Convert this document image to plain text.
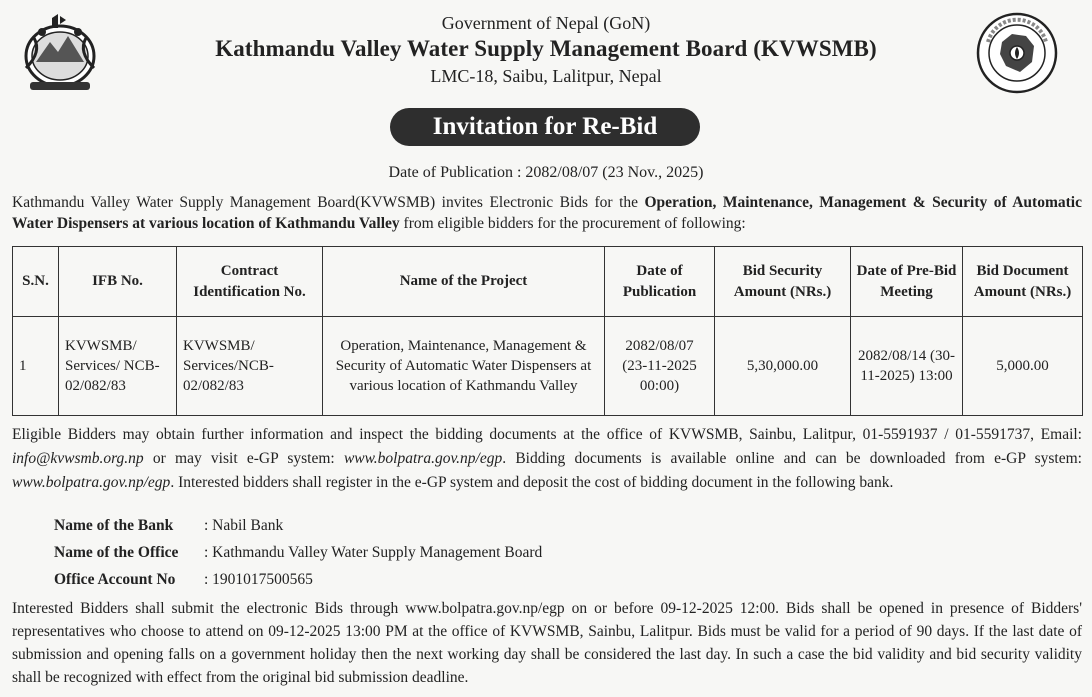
Government of Nepal (GoN)
Kathmandu Valley Water Supply Management Board (KVWSMB)
LMC-18, Saibu, Lalitpur, Nepal
Invitation for Re-Bid
Date of Publication : 2082/08/07 (23 Nov., 2025)
Kathmandu Valley Water Supply Management Board(KVWSMB) invites Electronic Bids for the Operation, Maintenance, Management & Security of Automatic Water Dispensers at various location of Kathmandu Valley from eligible bidders for the procurement of following:
S.N.	IFB No.	Contract Identification No.	Name of the Project	Date of Publication	Bid Security Amount (NRs.)	Date of Pre-Bid Meeting	Bid Document Amount (NRs.)
1	KVWSMB/ Services/ NCB- 02/082/83	KVWSMB/ Services/NCB- 02/082/83	Operation, Maintenance, Management & Security of Automatic Water Dispensers at various location of Kathmandu Valley	2082/08/07 (23-11-2025 00:00)	5,30,000.00	2082/08/14 (30-11-2025) 13:00	5,000.00
Eligible Bidders may obtain further information and inspect the bidding documents at the office of KVWSMB, Sainbu, Lalitpur, 01-5591937 / 01-5591737, Email: info@kvwsmb.org.np or may visit e-GP system: www.bolpatra.gov.np/egp. Bidding documents is available online and can be downloaded from e-GP system: www.bolpatra.gov.np/egp. Interested bidders shall register in the e-GP system and deposit the cost of bidding document in the following bank.
Name of the Bank : Nabil Bank
Name of the Office : Kathmandu Valley Water Supply Management Board
Office Account No : 1901017500565
Interested Bidders shall submit the electronic Bids through www.bolpatra.gov.np/egp on or before 09-12-2025 12:00. Bids shall be opened in presence of Bidders' representatives who choose to attend on 09-12-2025 13:00 PM at the office of KVWSMB, Sainbu, Lalitpur. Bids must be valid for a period of 90 days. If the last date of submission and opening falls on a government holiday then the next working day shall be considered the last day. In such a case the bid validity and bid security validity shall be recognized with effect from the original bid submission deadline.
